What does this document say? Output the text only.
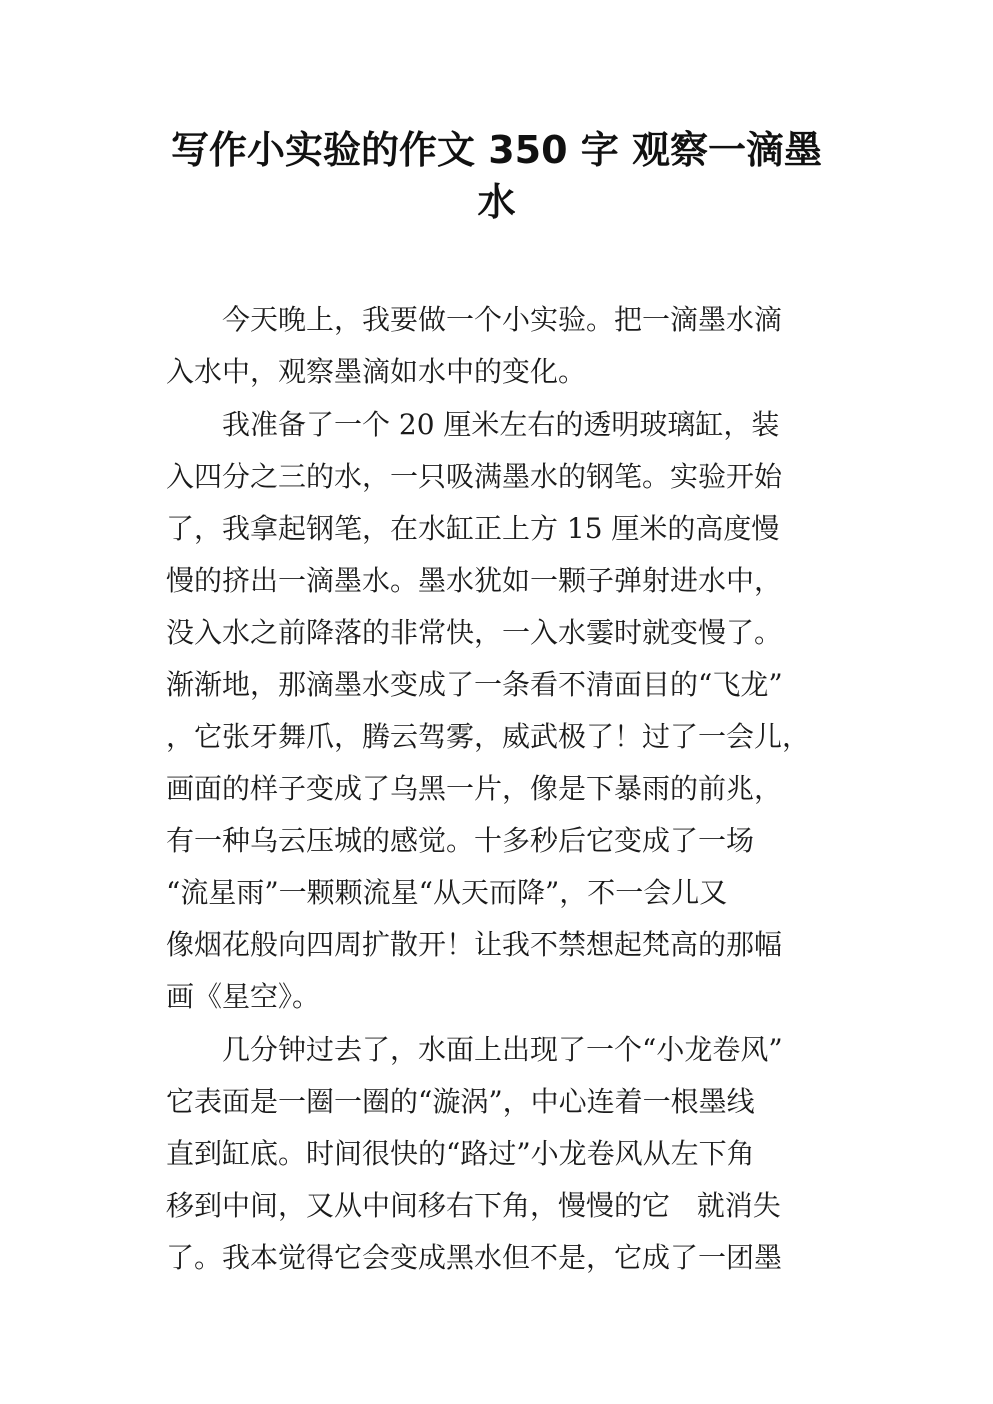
写作小实验的作文 350 字 观察一滴墨
水
今天晚上，我要做一个小实验。把一滴墨水滴
入水中，观察墨滴如水中的变化。
我准备了一个 20 厘米左右的透明玻璃缸，装
入四分之三的水，一只吸满墨水的钢笔。实验开始
了，我拿起钢笔，在水缸正上方 15 厘米的高度慢
慢的挤出一滴墨水。墨水犹如一颗子弹射进水中，
没入水之前降落的非常快，一入水霎时就变慢了。
渐渐地，那滴墨水变成了一条看不清面目的“飞龙”
，它张牙舞爪，腾云驾雾，威武极了！过了一会儿，
画面的样子变成了乌黑一片，像是下暴雨的前兆，
有一种乌云压城的感觉。十多秒后它变成了一场
“流星雨”一颗颗流星“从天而降”，不一会儿又
像烟花般向四周扩散开！让我不禁想起梵高的那幅
画《星空》。
几分钟过去了，水面上出现了一个“小龙卷风”
它表面是一圈一圈的“漩涡”，中心连着一根墨线
直到缸底。时间很快的“路过”小龙卷风从左下角
移到中间，又从中间移右下角，慢慢的它   就消失
了。我本觉得它会变成黑水但不是，它成了一团墨
